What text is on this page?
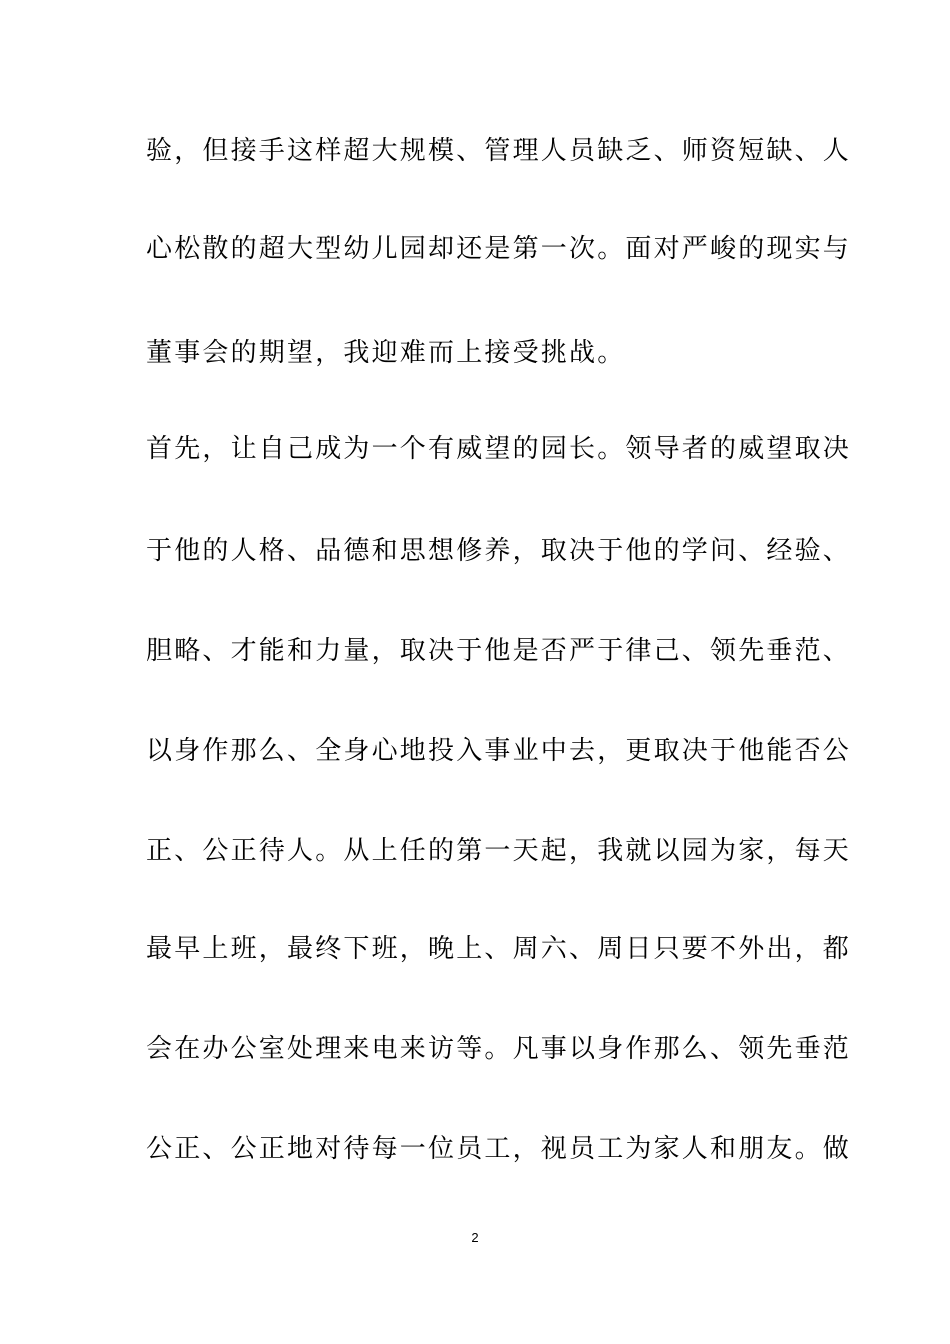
验，但接手这样超大规模、管理人员缺乏、师资短缺、人
心松散的超大型幼儿园却还是第一次。面对严峻的现实与
董事会的期望，我迎难而上接受挑战。
首先，让自己成为一个有威望的园长。领导者的威望取决
于他的人格、品德和思想修养，取决于他的学问、经验、
胆略、才能和力量，取决于他是否严于律己、领先垂范、
以身作那么、全身心地投入事业中去，更取决于他能否公
正、公正待人。从上任的第一天起，我就以园为家，每天
最早上班，最终下班，晚上、周六、周日只要不外出，都
会在办公室处理来电来访等。凡事以身作那么、领先垂范
公正、公正地对待每一位员工，视员工为家人和朋友。做
2
